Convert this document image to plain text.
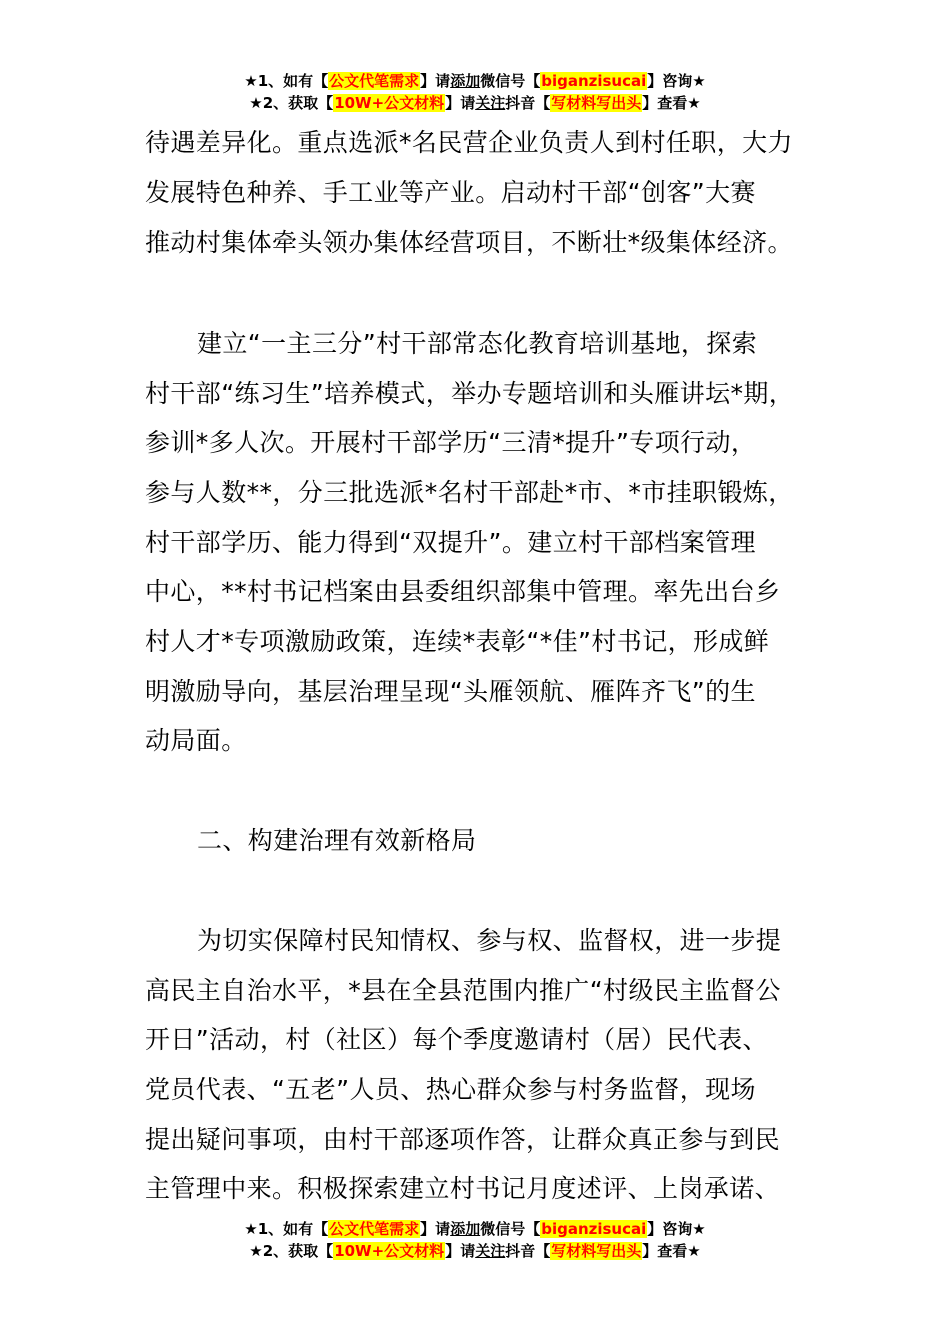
★1、如有【公文代笔需求】请添加微信号【biganzisucai】咨询★
★2、获取【10W+公文材料】请关注抖音【写材料写出头】查看★
待遇差异化。重点选派*名民营企业负责人到村任职，大力
发展特色种养、手工业等产业。启动村干部“创客”大赛
推动村集体牵头领办集体经营项目，不断壮*级集体经济。
建立“一主三分”村干部常态化教育培训基地，探索
村干部“练习生”培养模式，举办专题培训和头雁讲坛*期，
参训*多人次。开展村干部学历“三清*提升”专项行动，
参与人数**，分三批选派*名村干部赴*市、*市挂职锻炼，
村干部学历、能力得到“双提升”。建立村干部档案管理
中心，**村书记档案由县委组织部集中管理。率先出台乡
村人才*专项激励政策，连续*表彰“*佳”村书记，形成鲜
明激励导向，基层治理呈现“头雁领航、雁阵齐飞”的生
动局面。
二、构建治理有效新格局
为切实保障村民知情权、参与权、监督权，进一步提
高民主自治水平，*县在全县范围内推广“村级民主监督公
开日”活动，村（社区）每个季度邀请村（居）民代表、
党员代表、“五老”人员、热心群众参与村务监督，现场
提出疑问事项，由村干部逐项作答，让群众真正参与到民
主管理中来。积极探索建立村书记月度述评、上岗承诺、
★1、如有【公文代笔需求】请添加微信号【biganzisucai】咨询★
★2、获取【10W+公文材料】请关注抖音【写材料写出头】查看★
